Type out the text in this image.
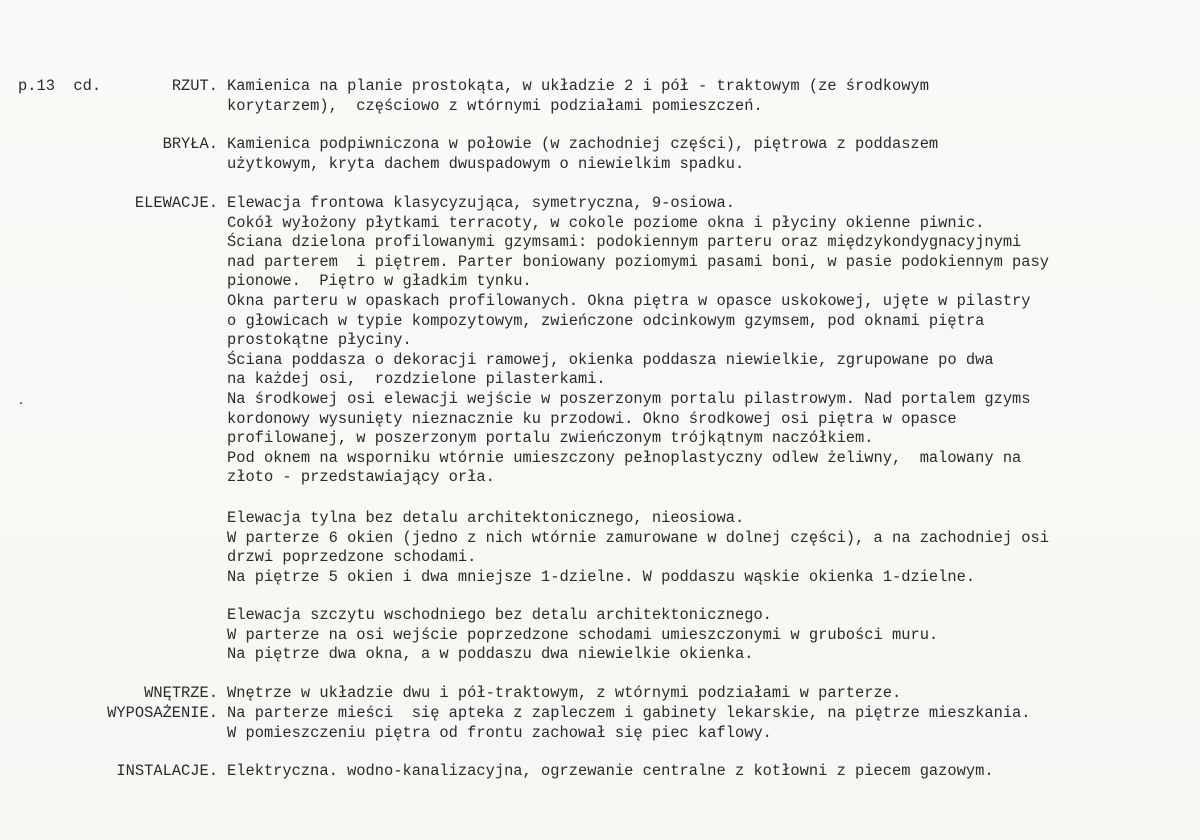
p.13  cd.	RZUT. Kamienica na planie prostokąta, w układzie 2 i pół - traktowym (ze środkowym
korytarzem),  częściowo z wtórnymi podziałami pomieszczeń.
BRYŁA. Kamienica podpiwniczona w połowie (w zachodniej części), piętrowa z poddaszem
użytkowym, kryta dachem dwuspadowym o niewielkim spadku.
ELEWACJE. Elewacja frontowa klasycyzująca, symetryczna, 9-osiowa.
Cokół wyłożony płytkami terracoty, w cokole poziome okna i płyciny okienne piwnic.
Ściana dzielona profilowanymi gzymsami: podokiennym parteru oraz międzykondygnacyjnymi
nad parterem  i piętrem. Parter boniowany poziomymi pasami boni, w pasie podokiennym pasy
pionowe.  Piętro w gładkim tynku.
Okna parteru w opaskach profilowanych. Okna piętra w opasce uskokowej, ujęte w pilastry
o głowicach w typie kompozytowym, zwieńczone odcinkowym gzymsem, pod oknami piętra
prostokątne płyciny.
Ściana poddasza o dekoracji ramowej, okienka poddasza niewielkie, zgrupowane po dwa
na każdej osi,  rozdzielone pilasterkami.
Na środkowej osi elewacji wejście w poszerzonym portalu pilastrowym. Nad portalem gzyms
kordonowy wysunięty nieznacznie ku przodowi. Okno środkowej osi piętra w opasce
profilowanej, w poszerzonym portalu zwieńczonym trójkątnym naczółkiem.
Pod oknem na wsporniku wtórnie umieszczony pełnoplastyczny odlew żeliwny,  malowany na
złoto - przedstawiający orła.
Elewacja tylna bez detalu architektonicznego, nieosiowa.
W parterze 6 okien (jedno z nich wtórnie zamurowane w dolnej części), a na zachodniej osi
drzwi poprzedzone schodami.
Na piętrze 5 okien i dwa mniejsze 1-dzielne. W poddaszu wąskie okienka 1-dzielne.
Elewacja szczytu wschodniego bez detalu architektonicznego.
W parterze na osi wejście poprzedzone schodami umieszczonymi w grubości muru.
Na piętrze dwa okna, a w poddaszu dwa niewielkie okienka.
WNĘTRZE. Wnętrze w układzie dwu i pół-traktowym, z wtórnymi podziałami w parterze.
WYPOSAŻENIE. Na parterze mieści  się apteka z zapleczem i gabinety lekarskie, na piętrze mieszkania.
W pomieszczeniu piętra od frontu zachował się piec kaflowy.
INSTALACJE. Elektryczna. wodno-kanalizacyjna, ogrzewanie centralne z kotłowni z piecem gazowym.
